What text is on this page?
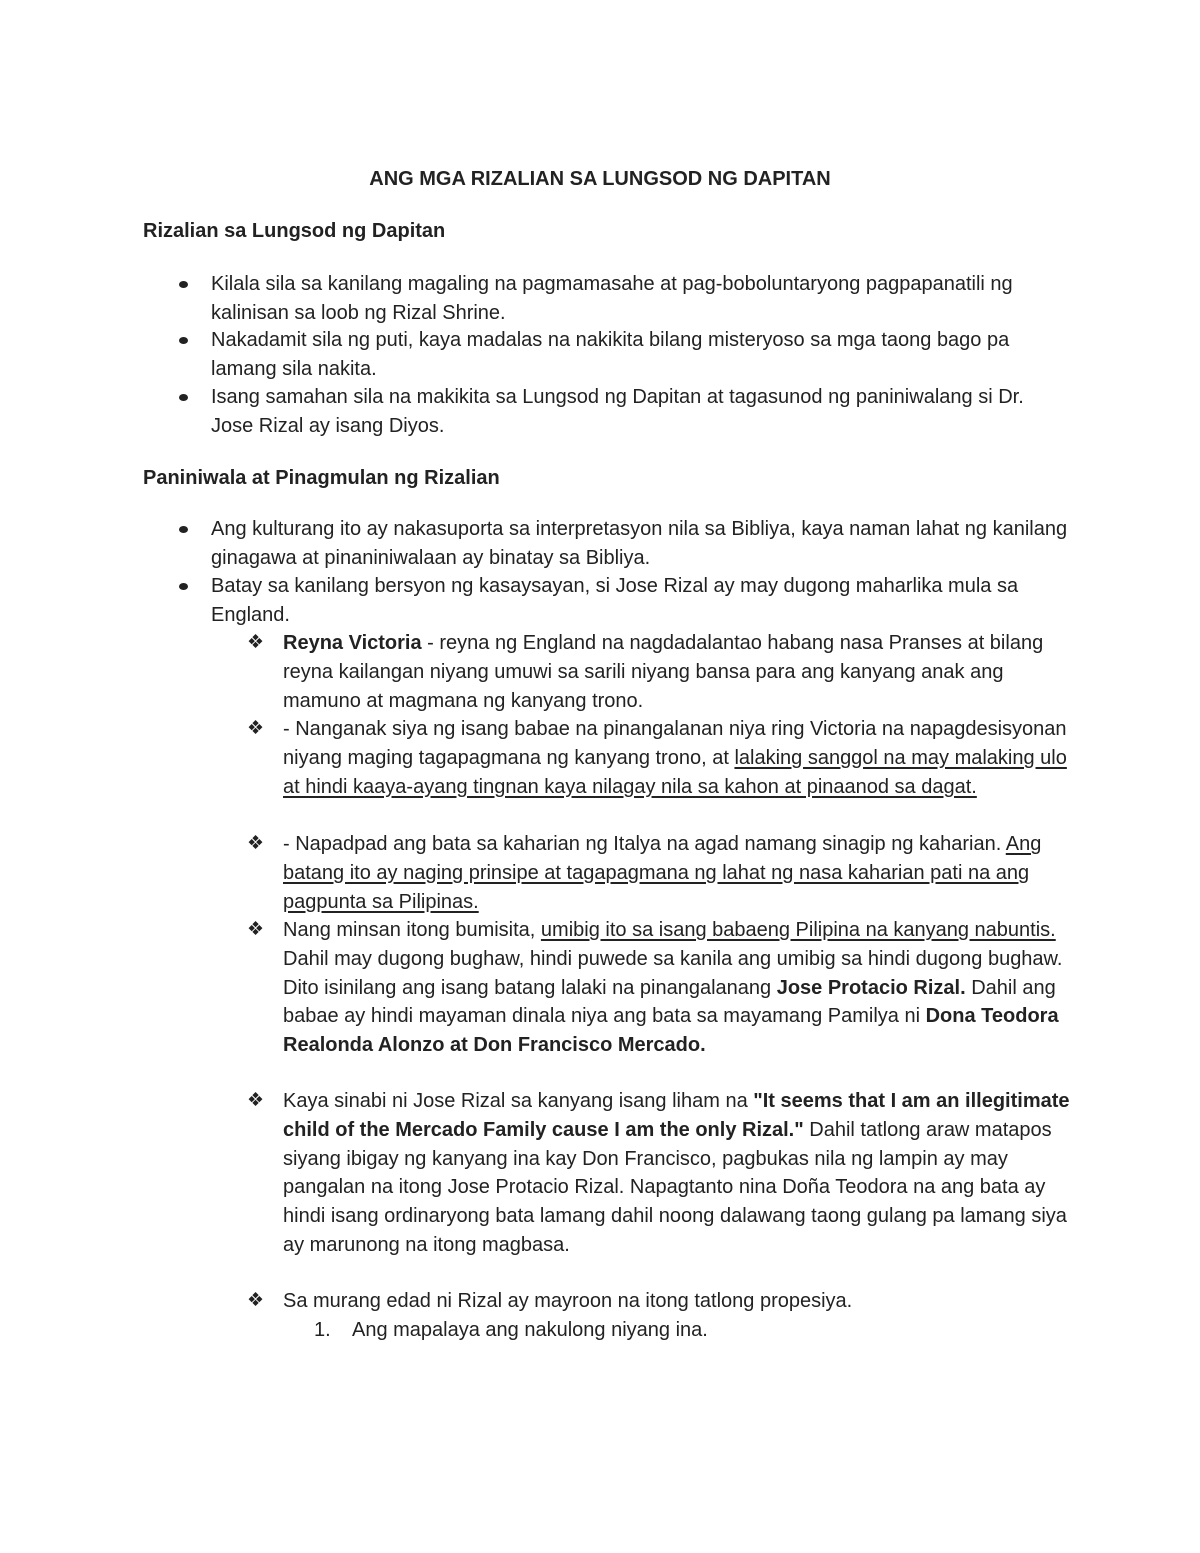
ANG MGA RIZALIAN SA LUNGSOD NG DAPITAN
Rizalian sa Lungsod ng Dapitan
Kilala sila sa kanilang magaling na pagmamasahe at pag-boboluntaryong pagpapanatili ng kalinisan sa loob ng Rizal Shrine.
Nakadamit sila ng puti, kaya madalas na nakikita bilang misteryoso sa mga taong bago pa lamang sila nakita.
Isang samahan sila na makikita sa Lungsod ng Dapitan at tagasunod ng paniniwalang si Dr. Jose Rizal ay isang Diyos.
Paniniwala at Pinagmulan ng Rizalian
Ang kulturang ito ay nakasuporta sa interpretasyon nila sa Bibliya, kaya naman lahat ng kanilang ginagawa at pinaniniwalaan ay binatay sa Bibliya.
Batay sa kanilang bersyon ng kasaysayan, si Jose Rizal ay may dugong maharlika mula sa England.
❖ Reyna Victoria - reyna ng England na nagdadalantao habang nasa Pranses at bilang reyna kailangan niyang umuwi sa sarili niyang bansa para ang kanyang anak ang mamuno at magmana ng kanyang trono.
❖ - Nanganak siya ng isang babae na pinangalanan niya ring Victoria na napagdesisyonan niyang maging tagapagmana ng kanyang trono, at lalaking sanggol na may malaking ulo at hindi kaaya-ayang tingnan kaya nilagay nila sa kahon at pinaanod sa dagat.
❖ - Napadpad ang bata sa kaharian ng Italya na agad namang sinagip ng kaharian. Ang batang ito ay naging prinsipe at tagapagmana ng lahat ng nasa kaharian pati na ang pagpunta sa Pilipinas.
❖ Nang minsan itong bumisita, umibig ito sa isang babaeng Pilipina na kanyang nabuntis. Dahil may dugong bughaw, hindi puwede sa kanila ang umibig sa hindi dugong bughaw. Dito isinilang ang isang batang lalaki na pinangalanang Jose Protacio Rizal. Dahil ang babae ay hindi mayaman dinala niya ang bata sa mayamang Pamilya ni Dona Teodora Realonda Alonzo at Don Francisco Mercado.
❖ Kaya sinabi ni Jose Rizal sa kanyang isang liham na "It seems that I am an illegitimate child of the Mercado Family cause I am the only Rizal." Dahil tatlong araw matapos siyang ibigay ng kanyang ina kay Don Francisco, pagbukas nila ng lampin ay may pangalan na itong Jose Protacio Rizal. Napagtanto nina Doña Teodora na ang bata ay hindi isang ordinaryong bata lamang dahil noong dalawang taong gulang pa lamang siya ay marunong na itong magbasa.
❖ Sa murang edad ni Rizal ay mayroon na itong tatlong propesiya.
1. Ang mapalaya ang nakulong niyang ina.
